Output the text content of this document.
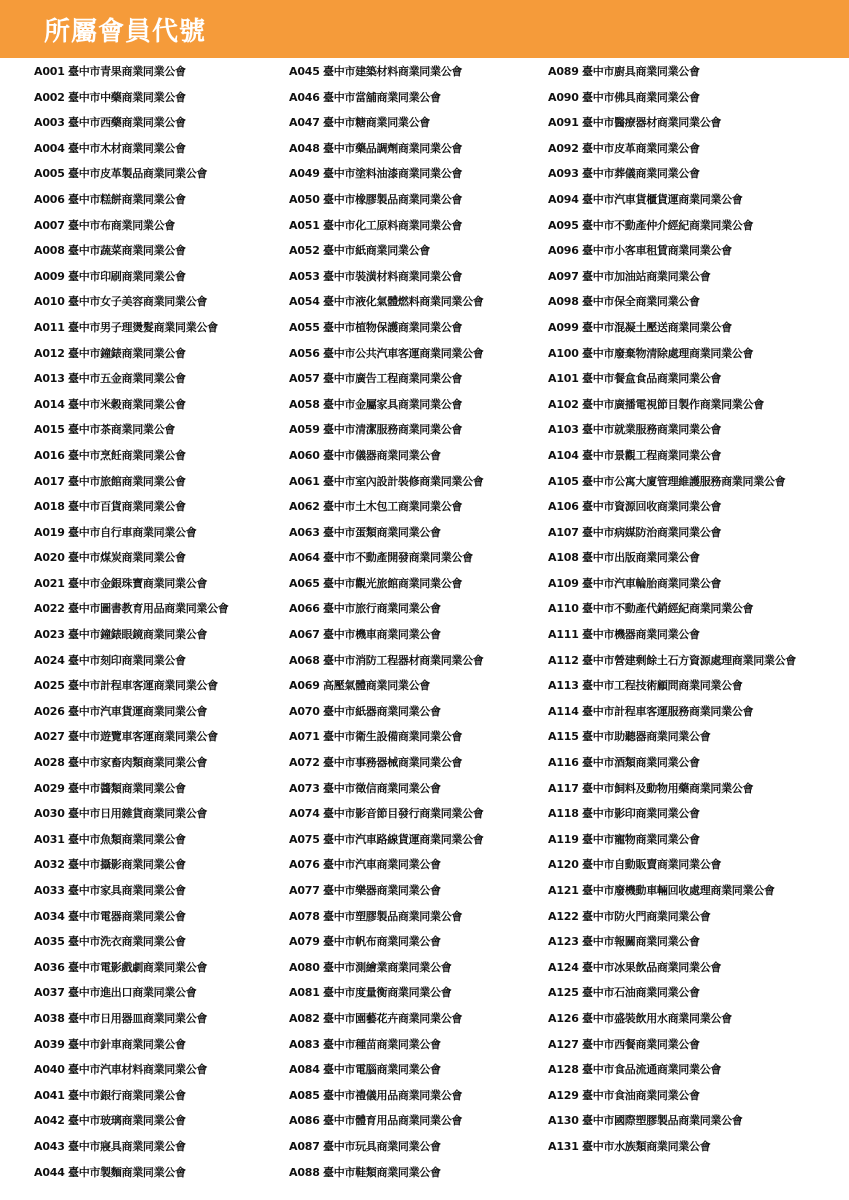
所屬會員代號
A001 臺中市青果商業同業公會
A002 臺中市中藥商業同業公會
A003 臺中市西藥商業同業公會
A004 臺中市木材商業同業公會
A005 臺中市皮革製品商業同業公會
A006 臺中市糕餅商業同業公會
A007 臺中市布商業同業公會
A008 臺中市蔬菜商業同業公會
A009 臺中市印刷商業同業公會
A010 臺中市女子美容商業同業公會
A011 臺中市男子理燙髮商業同業公會
A012 臺中市鐘錶商業同業公會
A013 臺中市五金商業同業公會
A014 臺中市米穀商業同業公會
A015 臺中市茶商業同業公會
A016 臺中市烹飪商業同業公會
A017 臺中市旅館商業同業公會
A018 臺中市百貨商業同業公會
A019 臺中市自行車商業同業公會
A020 臺中市煤炭商業同業公會
A021 臺中市金銀珠寶商業同業公會
A022 臺中市圖書教育用品商業同業公會
A023 臺中市鐘錶眼鏡商業同業公會
A024 臺中市刻印商業同業公會
A025 臺中市計程車客運商業同業公會
A026 臺中市汽車貨運商業同業公會
A027 臺中市遊覽車客運商業同業公會
A028 臺中市家畜肉類商業同業公會
A029 臺中市醬類商業同業公會
A030 臺中市日用雜貨商業同業公會
A031 臺中市魚類商業同業公會
A032 臺中市攝影商業同業公會
A033 臺中市家具商業同業公會
A034 臺中市電器商業同業公會
A035 臺中市洗衣商業同業公會
A036 臺中市電影戲劇商業同業公會
A037 臺中市進出口商業同業公會
A038 臺中市日用器皿商業同業公會
A039 臺中市針車商業同業公會
A040 臺中市汽車材料商業同業公會
A041 臺中市銀行商業同業公會
A042 臺中市玻璃商業同業公會
A043 臺中市寢具商業同業公會
A044 臺中市製麵商業同業公會
A045 臺中市建築材料商業同業公會
A046 臺中市當舖商業同業公會
A047 臺中市糖商業同業公會
A048 臺中市藥品調劑商業同業公會
A049 臺中市塗料油漆商業同業公會
A050 臺中市橡膠製品商業同業公會
A051 臺中市化工原料商業同業公會
A052 臺中市紙商業同業公會
A053 臺中市裝潢材料商業同業公會
A054 臺中市液化氣體燃料商業同業公會
A055 臺中市植物保護商業同業公會
A056 臺中市公共汽車客運商業同業公會
A057 臺中市廣告工程商業同業公會
A058 臺中市金屬家具商業同業公會
A059 臺中市清潔服務商業同業公會
A060 臺中市儀器商業同業公會
A061 臺中市室內設計裝修商業同業公會
A062 臺中市土木包工商業同業公會
A063 臺中市蛋類商業同業公會
A064 臺中市不動產開發商業同業公會
A065 臺中市觀光旅館商業同業公會
A066 臺中市旅行商業同業公會
A067 臺中市機車商業同業公會
A068 臺中市消防工程器材商業同業公會
A069 高壓氣體商業同業公會
A070 臺中市紙器商業同業公會
A071 臺中市衛生設備商業同業公會
A072 臺中市事務器械商業同業公會
A073 臺中市徵信商業同業公會
A074 臺中市影音節目發行商業同業公會
A075 臺中市汽車路線貨運商業同業公會
A076 臺中市汽車商業同業公會
A077 臺中市樂器商業同業公會
A078 臺中市塑膠製品商業同業公會
A079 臺中市帆布商業同業公會
A080 臺中市測繪業商業同業公會
A081 臺中市度量衡商業同業公會
A082 臺中市園藝花卉商業同業公會
A083 臺中市種苗商業同業公會
A084 臺中市電腦商業同業公會
A085 臺中市禮儀用品商業同業公會
A086 臺中市體育用品商業同業公會
A087 臺中市玩具商業同業公會
A088 臺中市鞋類商業同業公會
A089 臺中市廚具商業同業公會
A090 臺中市佛具商業同業公會
A091 臺中市醫療器材商業同業公會
A092 臺中市皮革商業同業公會
A093 臺中市葬儀商業同業公會
A094 臺中市汽車貨櫃貨運商業同業公會
A095 臺中市不動產仲介經紀商業同業公會
A096 臺中市小客車租賃商業同業公會
A097 臺中市加油站商業同業公會
A098 臺中市保全商業同業公會
A099 臺中市混凝土壓送商業同業公會
A100 臺中市廢棄物清除處理商業同業公會
A101 臺中市餐盒食品商業同業公會
A102 臺中市廣播電視節目製作商業同業公會
A103 臺中市就業服務商業同業公會
A104 臺中市景觀工程商業同業公會
A105 臺中市公寓大廈管理維護服務商業同業公會
A106 臺中市資源回收商業同業公會
A107 臺中市病媒防治商業同業公會
A108 臺中市出版商業同業公會
A109 臺中市汽車輪胎商業同業公會
A110 臺中市不動產代銷經紀商業同業公會
A111 臺中市機器商業同業公會
A112 臺中市營建剩餘土石方資源處理商業同業公會
A113 臺中市工程技術顧問商業同業公會
A114 臺中市計程車客運服務商業同業公會
A115 臺中市助聽器商業同業公會
A116 臺中市酒類商業同業公會
A117 臺中市飼料及動物用藥商業同業公會
A118 臺中市影印商業同業公會
A119 臺中市寵物商業同業公會
A120 臺中市自動販賣商業同業公會
A121 臺中市廢機動車輛回收處理商業同業公會
A122 臺中市防火門商業同業公會
A123 臺中市報關商業同業公會
A124 臺中市冰果飲品商業同業公會
A125 臺中市石油商業同業公會
A126 臺中市盛裝飲用水商業同業公會
A127 臺中市西餐商業同業公會
A128 臺中市食品流通商業同業公會
A129 臺中市食油商業同業公會
A130 臺中市國際塑膠製品商業同業公會
A131 臺中市水族類商業同業公會
